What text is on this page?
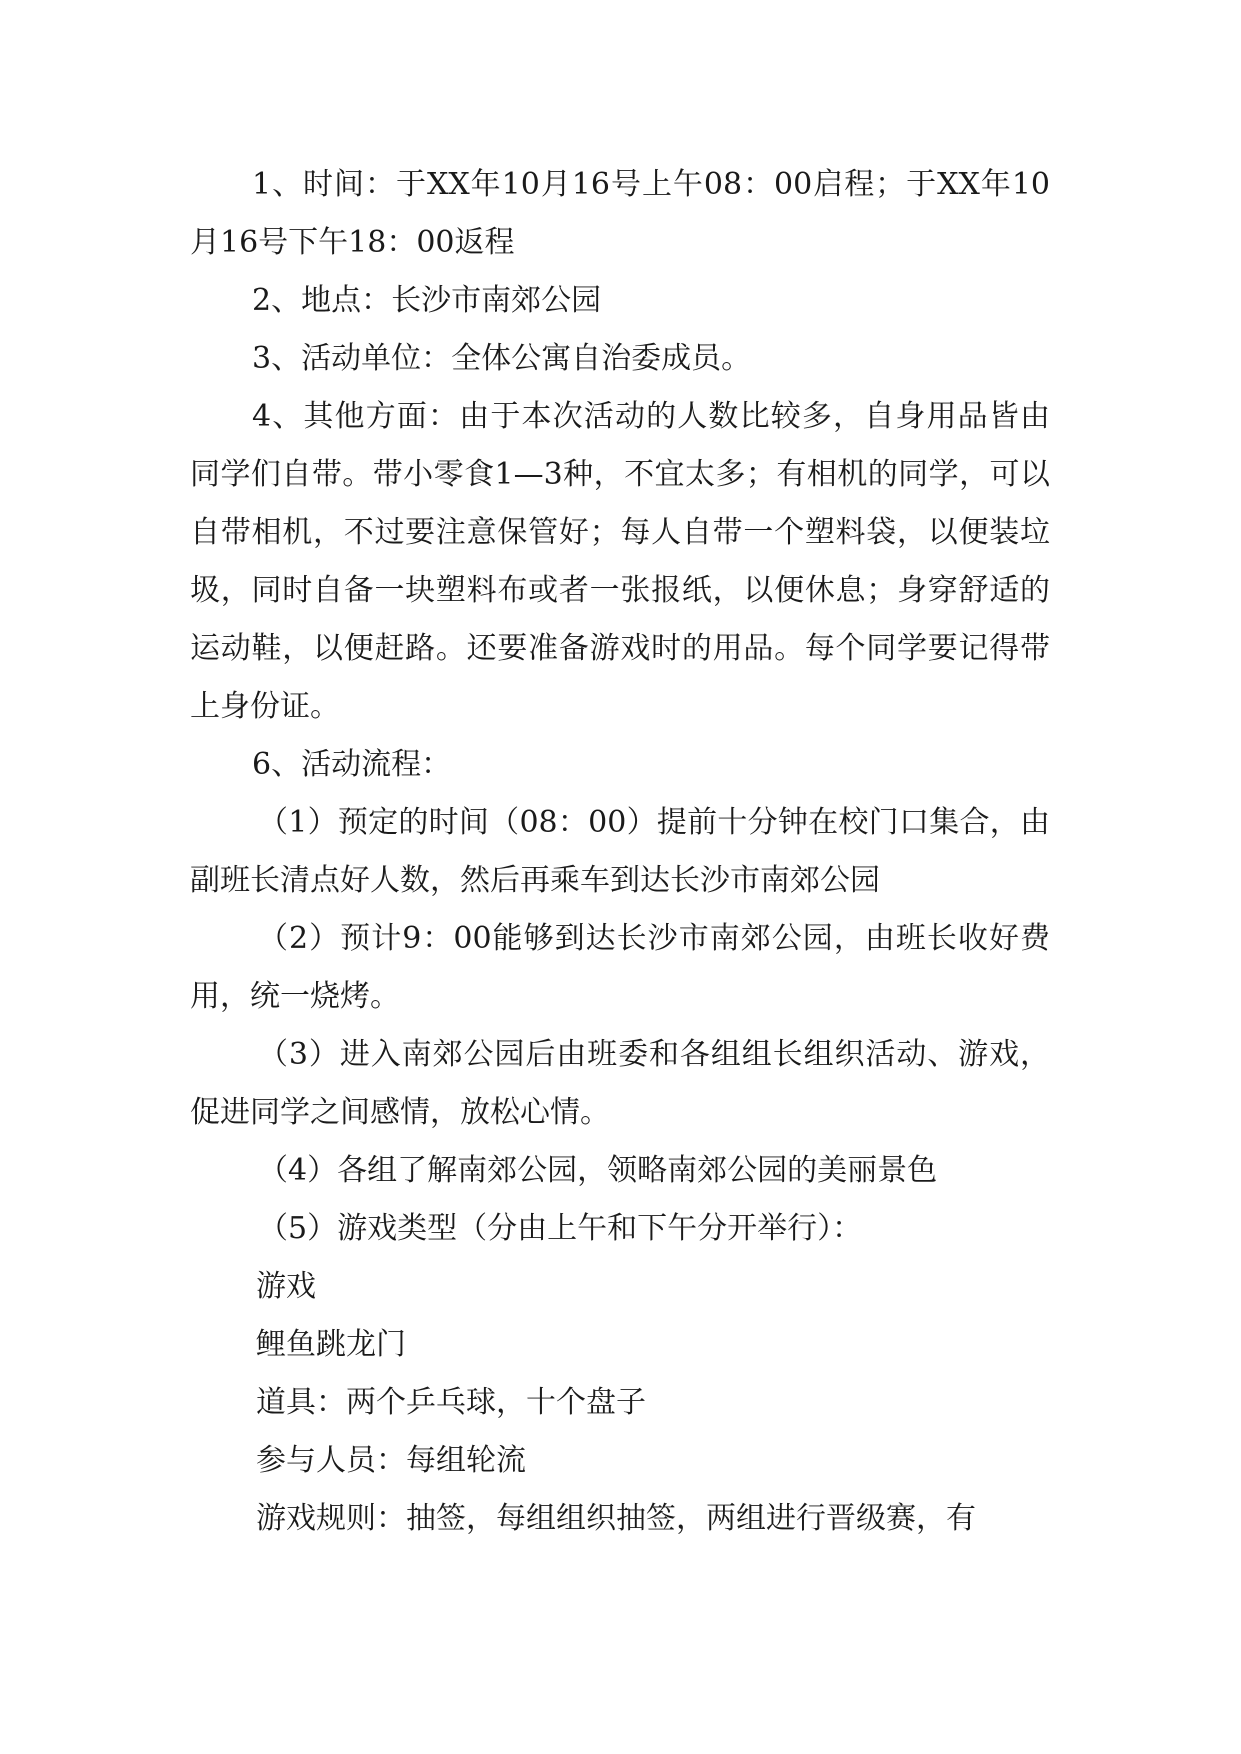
1、时间：于XX年10月16号上午08：00启程；于XX年10月16号下午18：00返程

2、地点：长沙市南郊公园

3、活动单位：全体公寓自治委成员。

4、其他方面：由于本次活动的人数比较多，自身用品皆由同学们自带。带小零食1—3种，不宜太多；有相机的同学，可以自带相机，不过要注意保管好；每人自带一个塑料袋，以便装垃圾，同时自备一块塑料布或者一张报纸，以便休息；身穿舒适的运动鞋，以便赶路。还要准备游戏时的用品。每个同学要记得带上身份证。

6、活动流程：

（1）预定的时间（08：00）提前十分钟在校门口集合，由副班长清点好人数，然后再乘车到达长沙市南郊公园

（2）预计9：00能够到达长沙市南郊公园，由班长收好费用，统一烧烤。

（3）进入南郊公园后由班委和各组组长组织活动、游戏，促进同学之间感情，放松心情。

（4）各组了解南郊公园，领略南郊公园的美丽景色

（5）游戏类型（分由上午和下午分开举行）：

游戏

鲤鱼跳龙门

道具：两个乒乓球，十个盘子

参与人员：每组轮流

游戏规则：抽签，每组组织抽签，两组进行晋级赛，有
